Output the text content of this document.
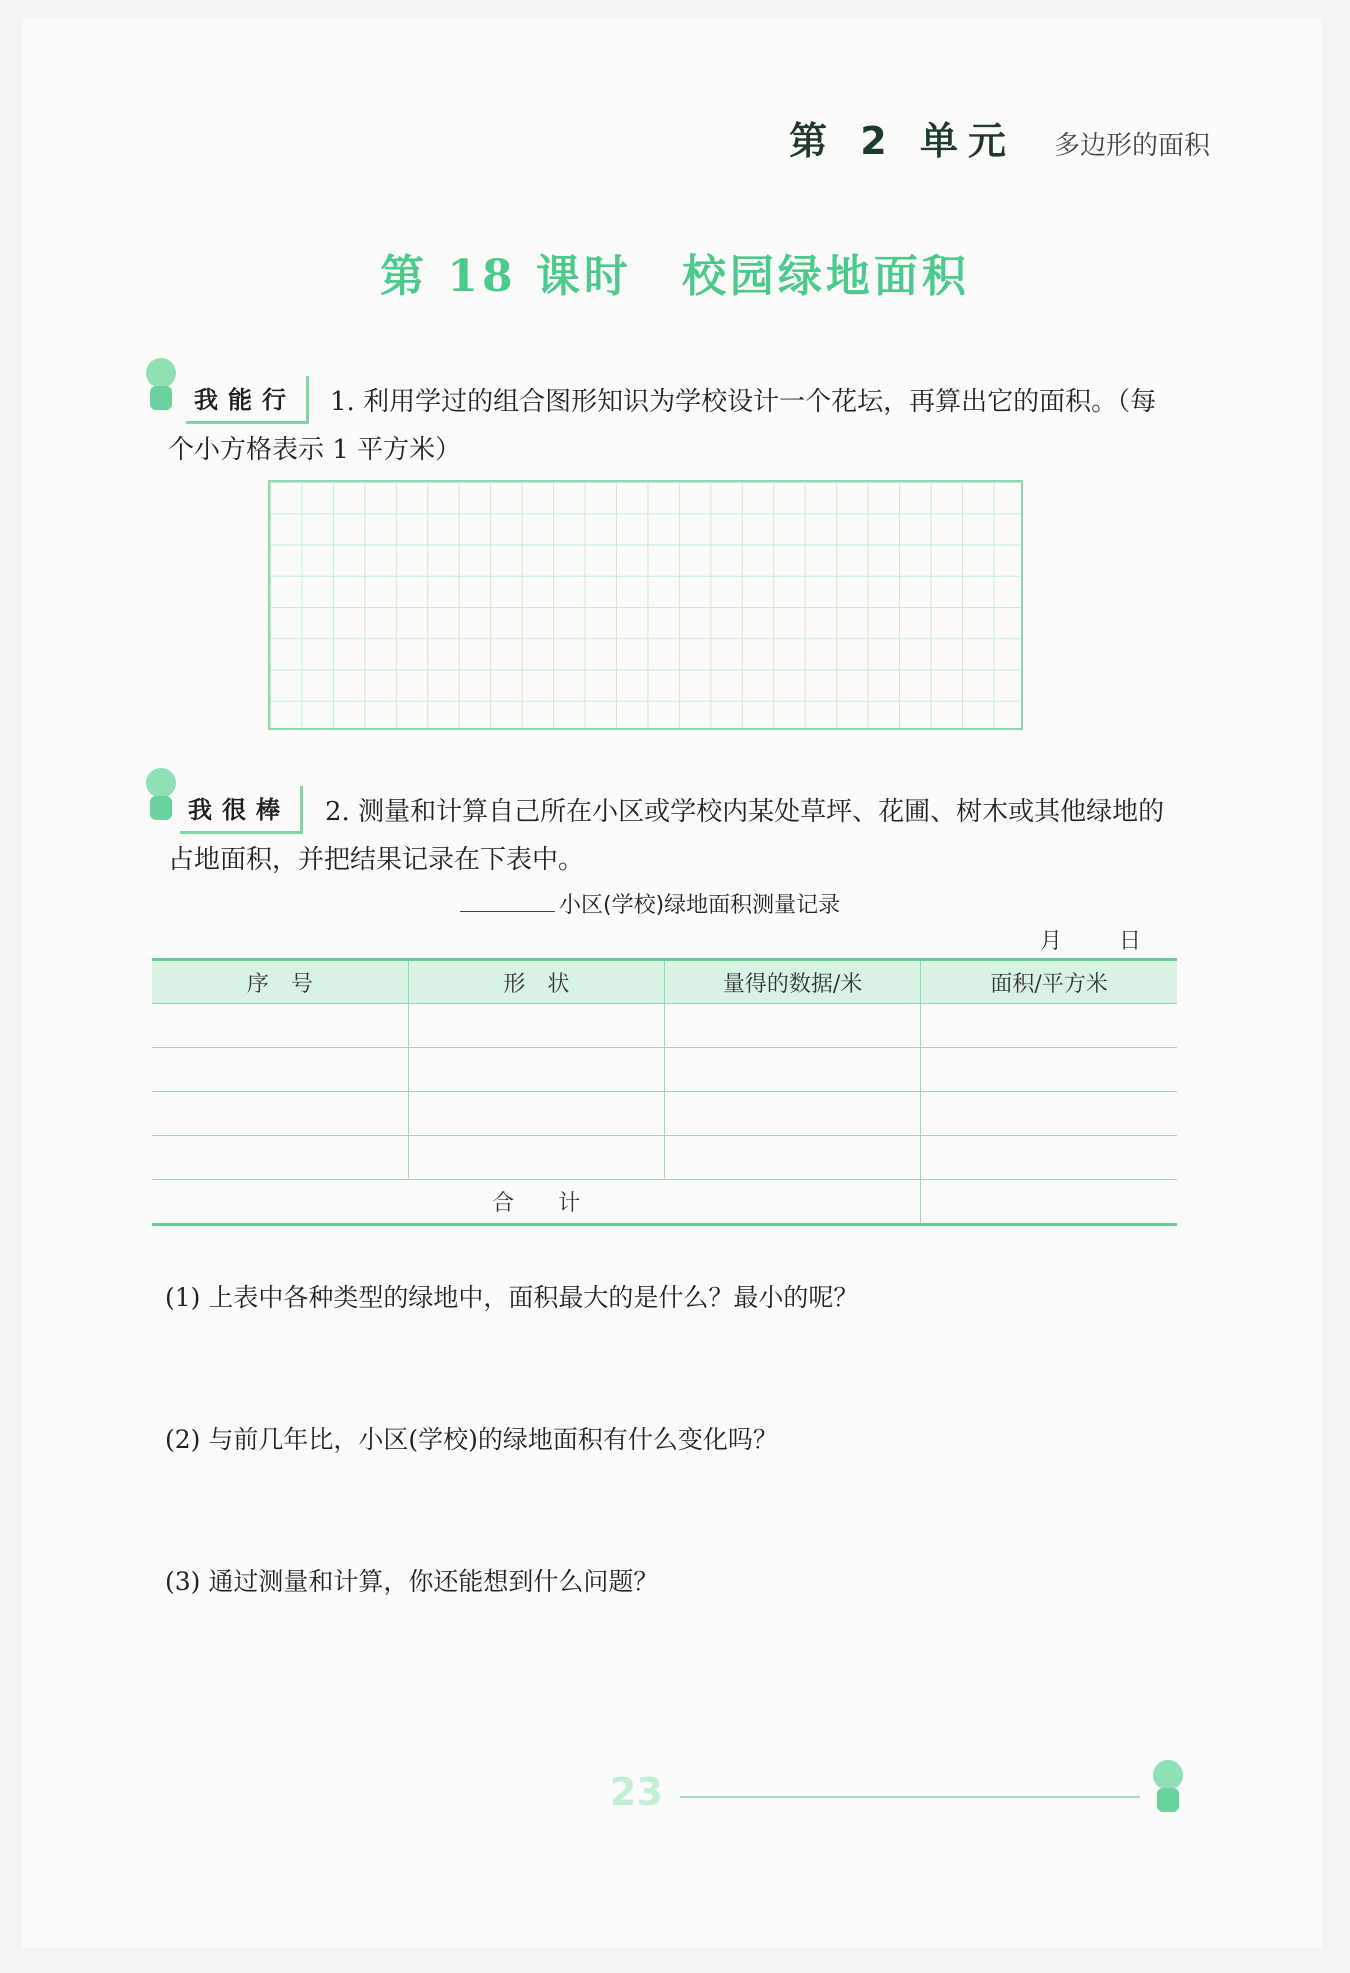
第 2 单元	多边形的面积
第 18 课时 校园绿地面积
我能行	1. 利用学过的组合图形知识为学校设计一个花坛，再算出它的面积。（每
个小方格表示 1 平方米）
我很棒	2. 测量和计算自己所在小区或学校内某处草坪、花圃、树木或其他绿地的
占地面积，并把结果记录在下表中。
小区(学校)绿地面积测量记录
月	日
序　号	形　状	量得的数据/米	面积/平方米

合　　计			
(1) 上表中各种类型的绿地中，面积最大的是什么？最小的呢？
(2) 与前几年比，小区(学校)的绿地面积有什么变化吗？
(3) 通过测量和计算，你还能想到什么问题？
23
